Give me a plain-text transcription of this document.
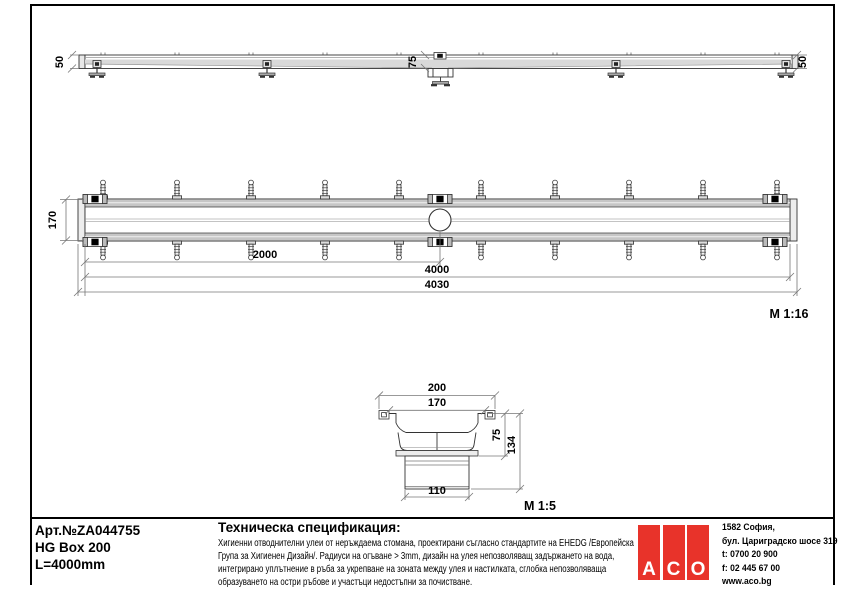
50	75	50
170
2000
4000
4030
M 1:16
200
170
110
75
134
M 1:5
Арт.№ZA044755
HG Box 200
L=4000mm
Техническа спецификация:
Хигиенни отводнителни улеи от неръждаема стомана, проектирани съгласно стандартите на EHEDG /Европейска
Група за Хигиенен Дизайн/. Радиуси на огъване > 3mm, дизайн на улея непозволяващ задържането на вода,
интегрирано уплътнение в ръба за укрепване на зоната между улея и настилката, сглобка непозволяваща
образуването на остри ръбове и участъци недостъпни за почистване.
A C O
1582 София,
бул. Цариградско шосе 319
t: 0700 20 900
f: 02 445 67 00
www.aco.bg
